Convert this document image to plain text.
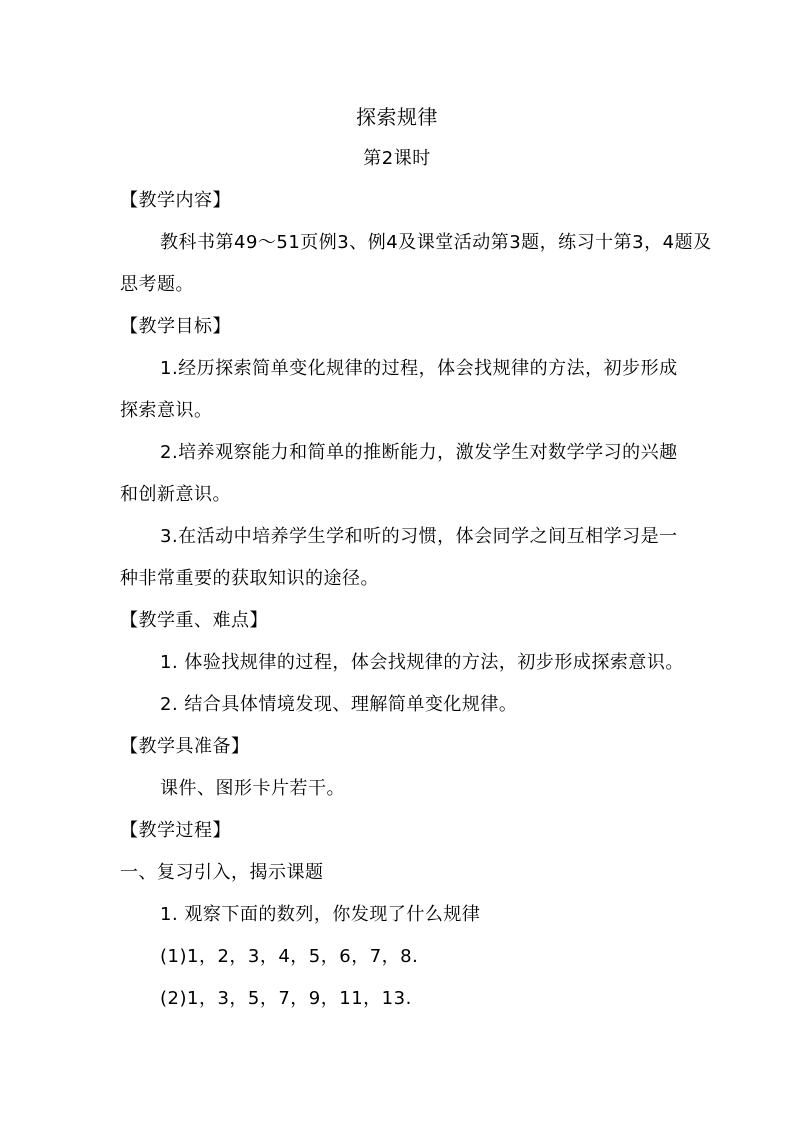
探索规律
第2课时
【教学内容】
教科书第49～51页例3、例4及课堂活动第3题，练习十第3，4题及
思考题。
【教学目标】
1.经历探索简单变化规律的过程，体会找规律的方法，初步形成
探索意识。
2.培养观察能力和简单的推断能力，激发学生对数学学习的兴趣
和创新意识。
3.在活动中培养学生学和听的习惯，体会同学之间互相学习是一
种非常重要的获取知识的途径。
【教学重、难点】
1. 体验找规律的过程，体会找规律的方法，初步形成探索意识。
2. 结合具体情境发现、理解简单变化规律。
【教学具准备】
课件、图形卡片若干。
【教学过程】
一、复习引入，揭示课题
1. 观察下面的数列，你发现了什么规律
(1)1，2，3，4，5，6，7，8.
(2)1，3，5，7，9，11，13.
